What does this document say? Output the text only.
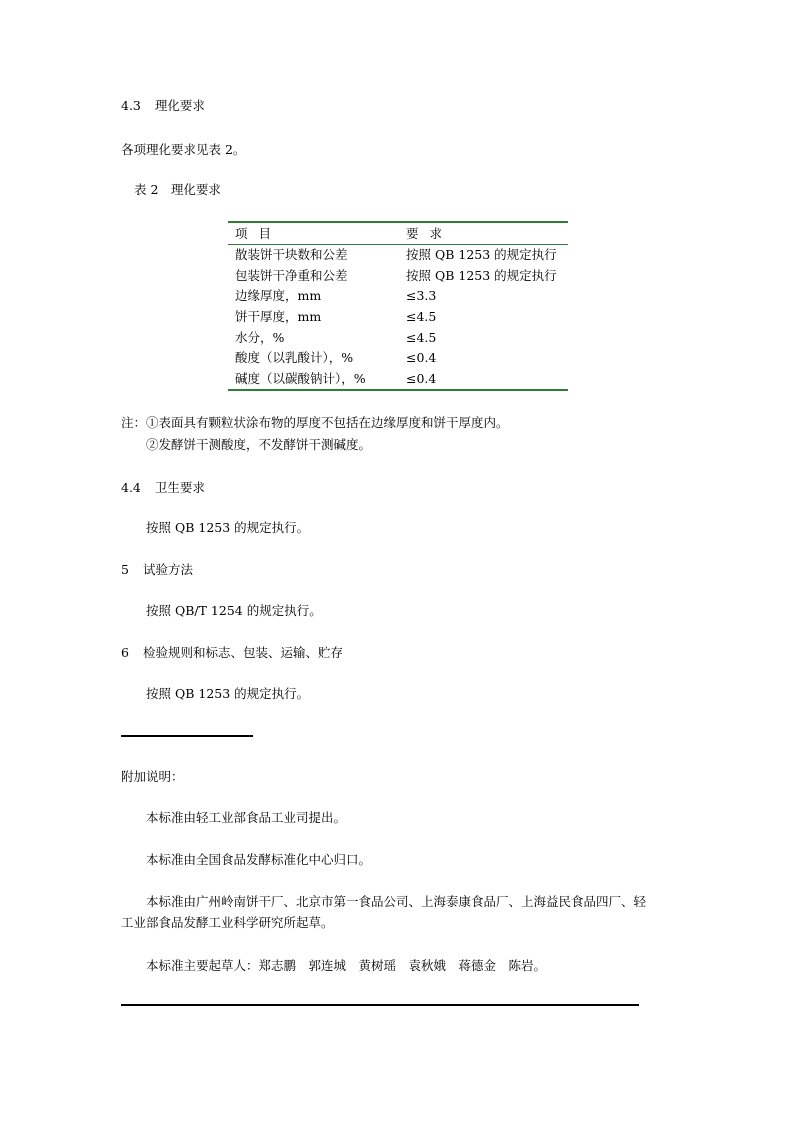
4.3 理化要求
各项理化要求见表 2。
表 2　理化要求
项目	要求
散装饼干块数和公差	按照 QB 1253 的规定执行
包装饼干净重和公差	按照 QB 1253 的规定执行
边缘厚度，mm	≤3.3
饼干厚度，mm	≤4.5
水分，%	≤4.5
酸度（以乳酸计），%	≤0.4
碱度（以碳酸钠计），%	≤0.4
注：①表面具有颗粒状涂布物的厚度不包括在边缘厚度和饼干厚度内。
②发酵饼干测酸度，不发酵饼干测碱度。
4.4 卫生要求
按照 QB 1253 的规定执行。
5 试验方法
按照 QB/T 1254 的规定执行。
6 检验规则和标志、包装、运输、贮存
按照 QB 1253 的规定执行。
附加说明：
本标准由轻工业部食品工业司提出。
本标准由全国食品发酵标准化中心归口。
本标准由广州岭南饼干厂、北京市第一食品公司、上海泰康食品厂、上海益民食品四厂、轻
工业部食品发酵工业科学研究所起草。
本标准主要起草人：郑志鹏　郭连城　黄树瑶　袁秋娥　蒋德金　陈岩。
